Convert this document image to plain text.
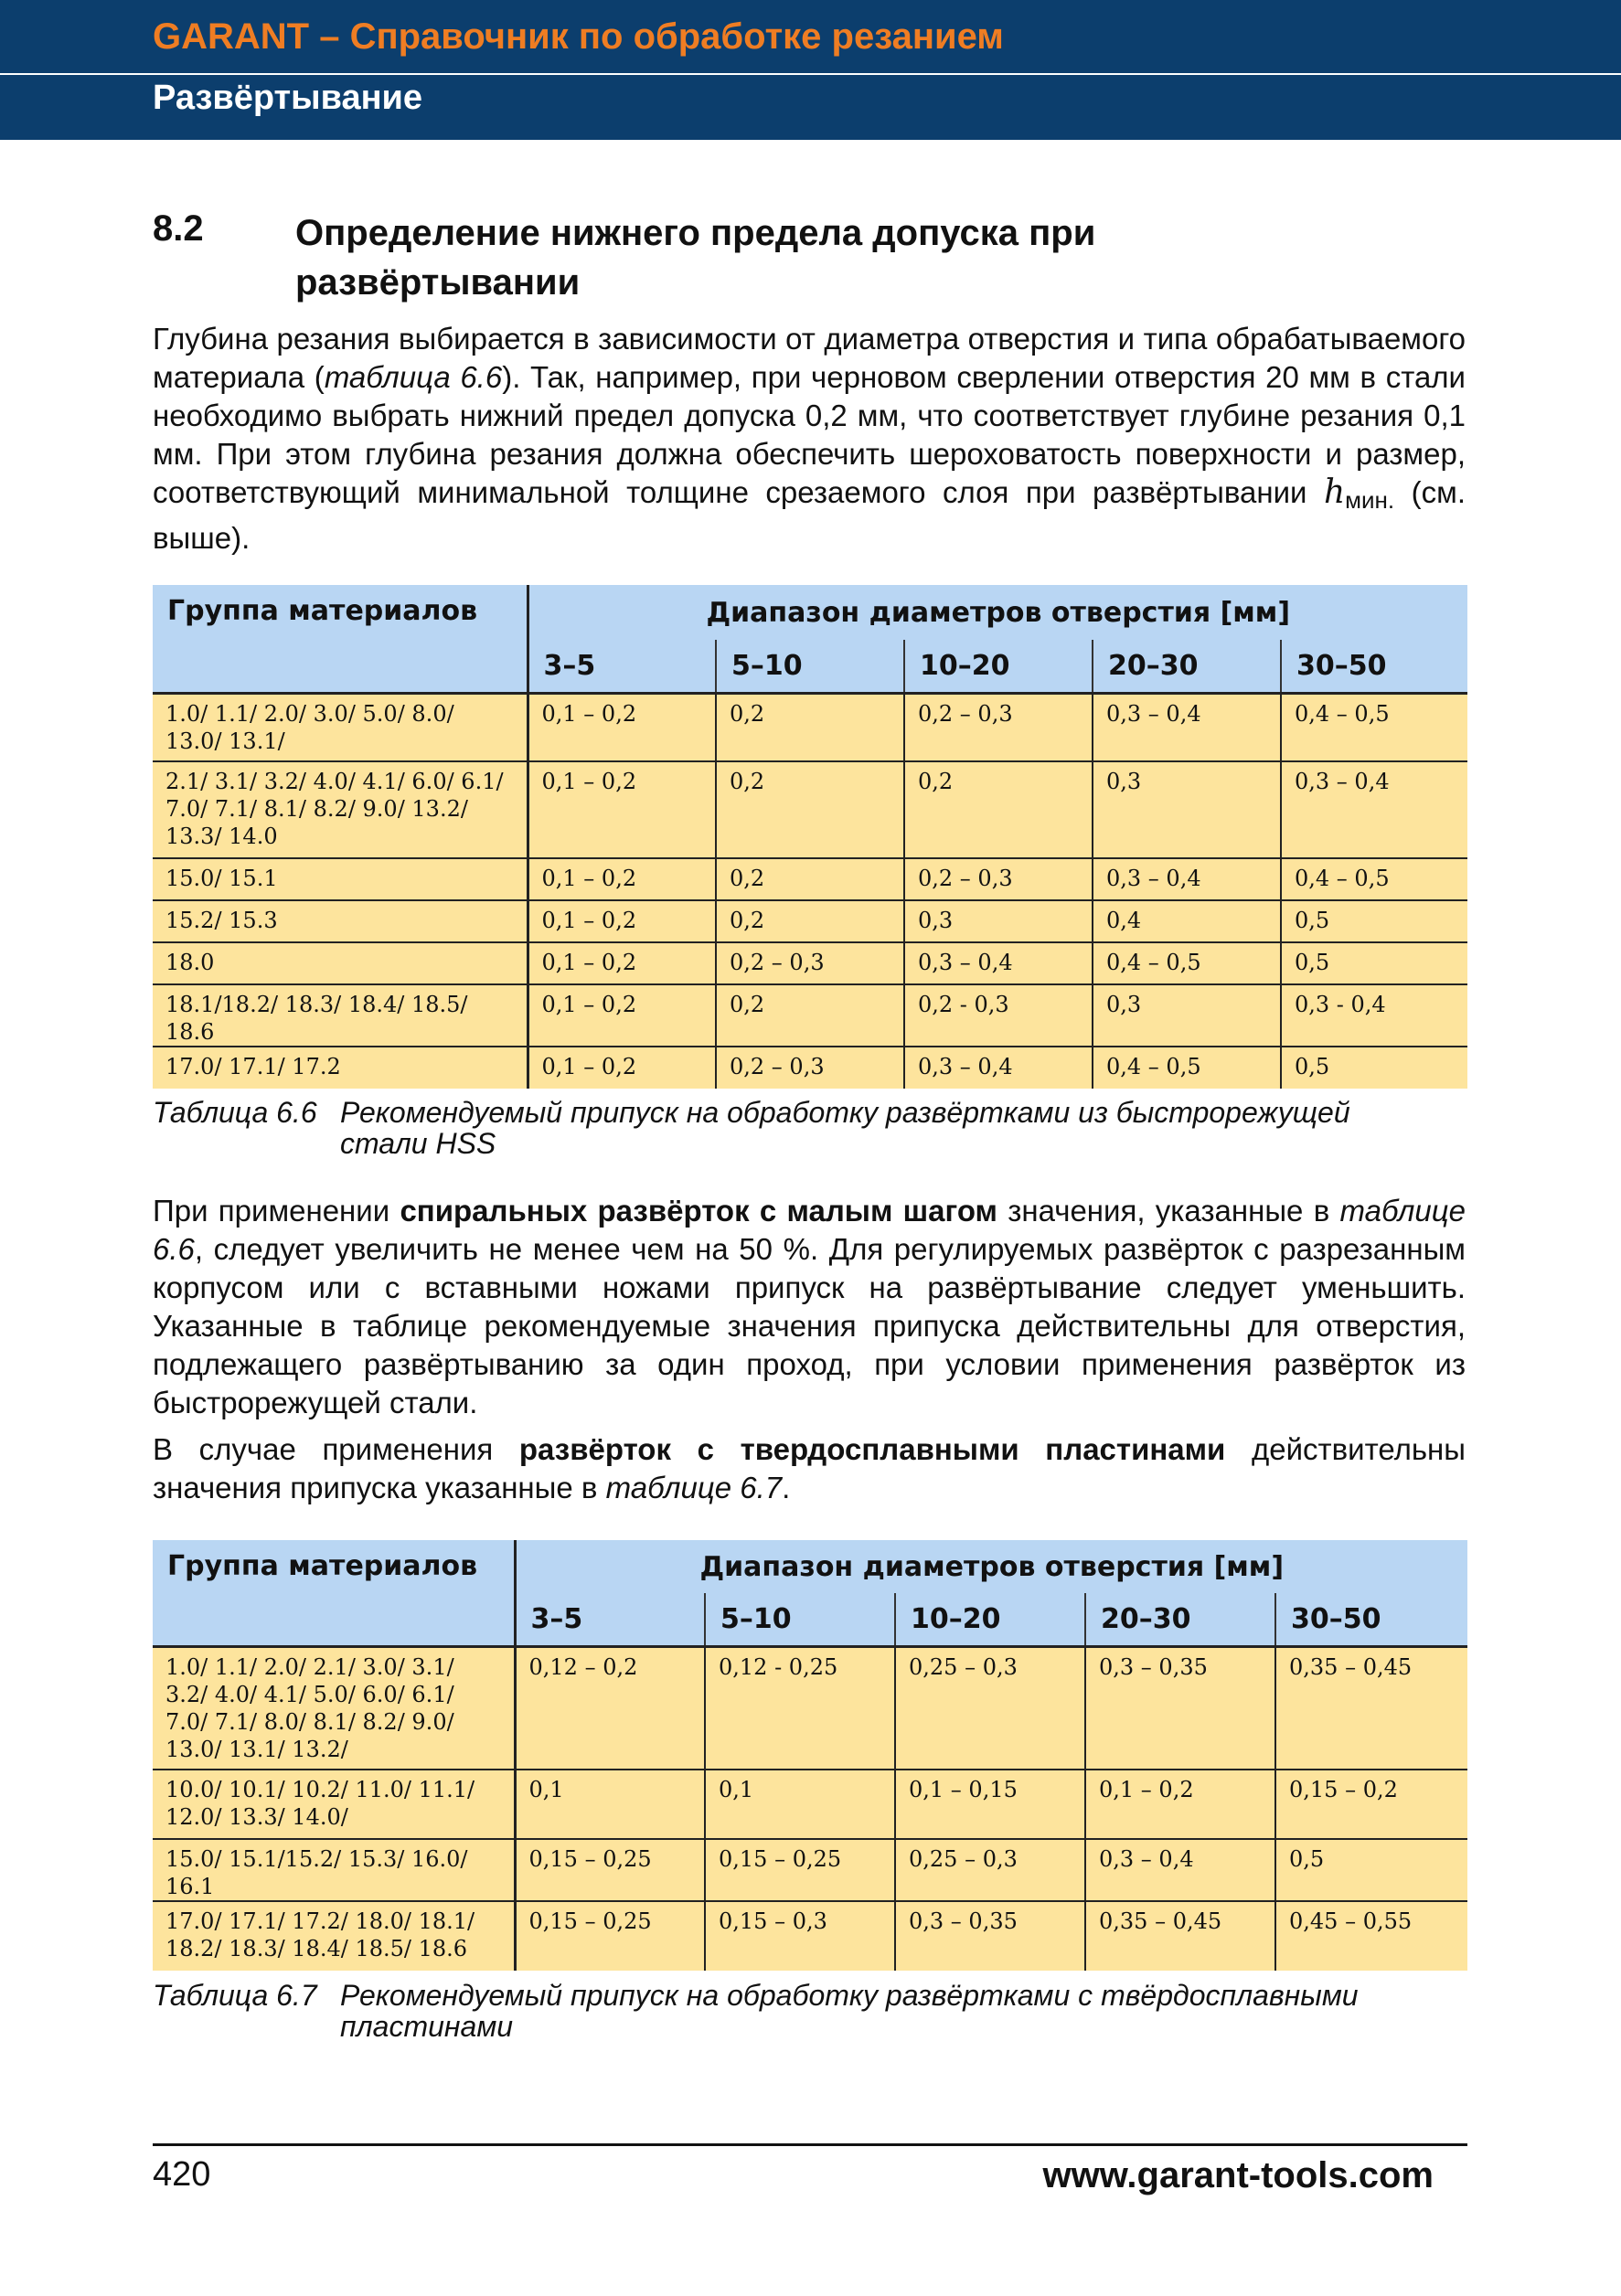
GARANT – Справочник по обработке резанием
Развёртывание
8.2	Определение нижнего предела допуска при развёртывании

Глубина резания выбирается в зависимости от диаметра отверстия и типа обрабатываемого материала (таблица 6.6). Так, например, при черновом сверлении отверстия 20 мм в стали необходимо выбрать нижний предел допуска 0,2 мм, что соответствует глубине резания 0,1 мм. При этом глубина резания должна обеспечить шероховатость поверхности и размер, соответствующий минимальной толщине срезаемого слоя при развёртывании hмин. (см. выше).

Группа материалов	Диапазон диаметров отверстия [мм]				
	3–5	5–10	10–20	20–30	30–50
1.0/ 1.1/ 2.0/ 3.0/ 5.0/ 8.0/ 13.0/ 13.1/	0,1 – 0,2	0,2	0,2 – 0,3	0,3 – 0,4	0,4 – 0,5
2.1/ 3.1/ 3.2/ 4.0/ 4.1/ 6.0/ 6.1/ 7.0/ 7.1/ 8.1/ 8.2/ 9.0/ 13.2/ 13.3/ 14.0	0,1 – 0,2	0,2	0,2	0,3	0,3 – 0,4
15.0/ 15.1	0,1 – 0,2	0,2	0,2 – 0,3	0,3 – 0,4	0,4 – 0,5
15.2/ 15.3	0,1 – 0,2	0,2	0,3	0,4	0,5
18.0	0,1 – 0,2	0,2 – 0,3	0,3 – 0,4	0,4 – 0,5	0,5
18.1/18.2/ 18.3/ 18.4/ 18.5/ 18.6	0,1 – 0,2	0,2	0,2 - 0,3	0,3	0,3 - 0,4
17.0/ 17.1/ 17.2	0,1 – 0,2	0,2 – 0,3	0,3 – 0,4	0,4 – 0,5	0,5
Таблица 6.6 Рекомендуемый припуск на обработку развёртками из быстрорежущей
стали HSS

При применении спиральных развёрток с малым шагом значения, указанные в таблице 6.6, следует увеличить не менее чем на 50 %. Для регулируемых развёрток с разрезанным корпусом или с вставными ножами припуск на развёртывание следует уменьшить. Указанные в таблице рекомендуемые значения припуска действительны для отверстия, подлежащего развёртыванию за один проход, при условии применения развёрток из быстрорежущей стали.

В случае применения развёрток с твердосплавными пластинами действительны значения припуска указанные в таблице 6.7.

Группа материалов	Диапазон диаметров отверстия [мм]				
	3–5	5–10	10–20	20–30	30–50
1.0/ 1.1/ 2.0/ 2.1/ 3.0/ 3.1/ 3.2/ 4.0/ 4.1/ 5.0/ 6.0/ 6.1/ 7.0/ 7.1/ 8.0/ 8.1/ 8.2/ 9.0/ 13.0/ 13.1/ 13.2/	0,12 – 0,2	0,12 - 0,25	0,25 – 0,3	0,3 – 0,35	0,35 – 0,45
10.0/ 10.1/ 10.2/ 11.0/ 11.1/ 12.0/ 13.3/ 14.0/	0,1	0,1	0,1 – 0,15	0,1 – 0,2	0,15 – 0,2
15.0/ 15.1/15.2/ 15.3/ 16.0/ 16.1	0,15 – 0,25	0,15 – 0,25	0,25 – 0,3	0,3 – 0,4	0,5
17.0/ 17.1/ 17.2/ 18.0/ 18.1/ 18.2/ 18.3/ 18.4/ 18.5/ 18.6	0,15 – 0,25	0,15 – 0,3	0,3 – 0,35	0,35 – 0,45	0,45 – 0,55
Таблица 6.7 Рекомендуемый припуск на обработку развёртками с твёрдосплавными
пластинами
420	www.garant-tools.com
